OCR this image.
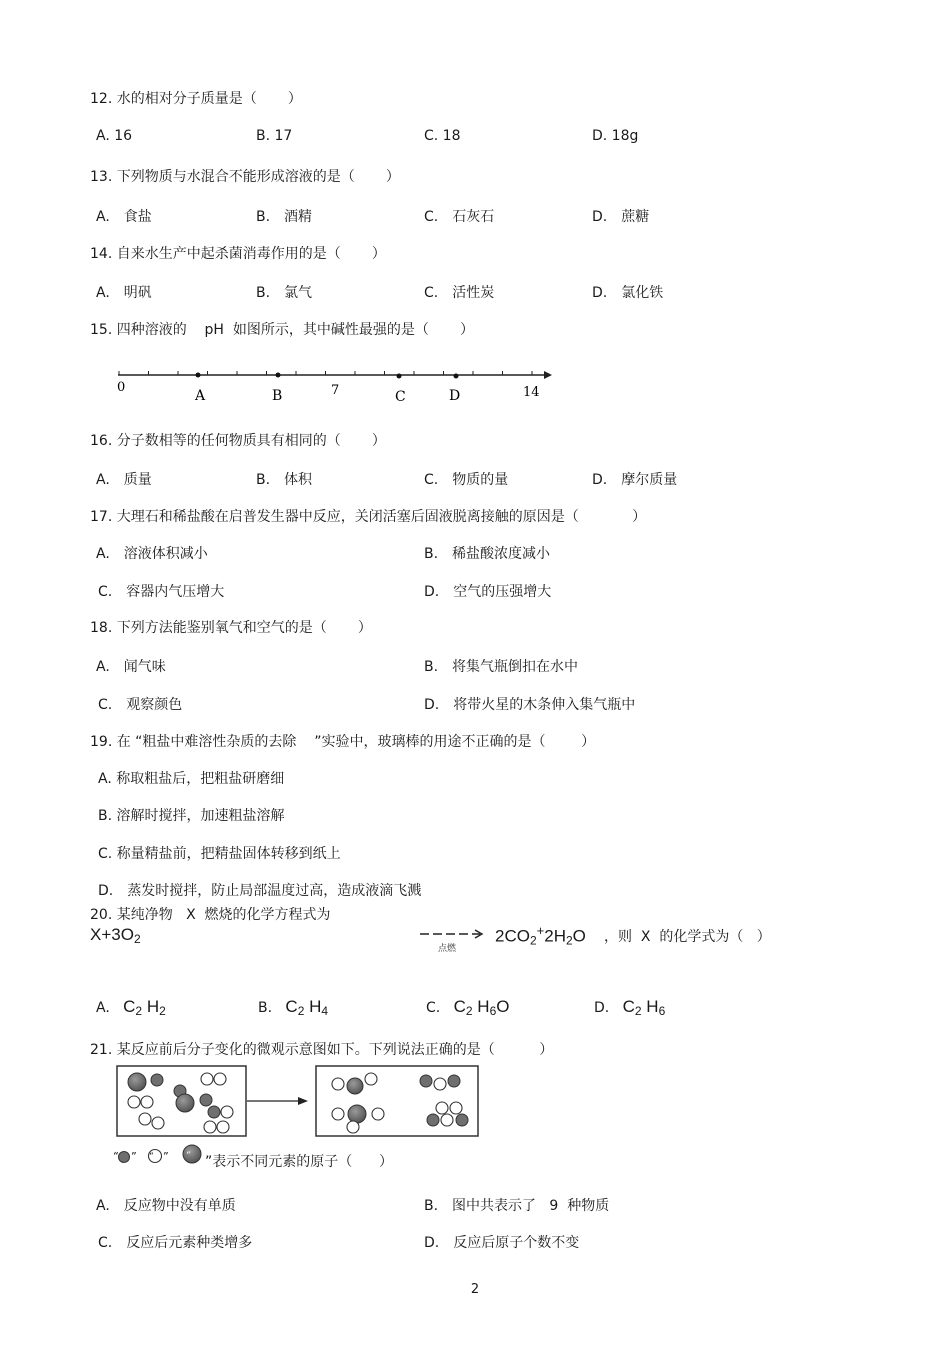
12. 水的相对分子质量是（       ）
A. 16	B. 17	C. 18	D. 18g
13. 下列物质与水混合不能形成溶液的是（       ）
A.　食盐	B.　酒精	C.　石灰石	D.　蔗糖
14. 自来水生产中起杀菌消毒作用的是（       ）
A.　明矾	B.　氯气	C.　活性炭	D.　氯化铁
15. 四种溶液的    pH  如图所示，其中碱性最强的是（       ）
0
A	B	7	C	D	14
16. 分子数相等的任何物质具有相同的（       ）
A.　质量	B.　体积	C.　物质的量	D.　摩尔质量
17. 大理石和稀盐酸在启普发生器中反应，关闭活塞后固液脱离接触的原因是（            ）
A.　溶液体积减小	B.　稀盐酸浓度减小
C.　容器内气压增大	D.　空气的压强增大
18. 下列方法能鉴别氧气和空气的是（       ）
A.　闻气味	B.　将集气瓶倒扣在水中
C.　观察颜色	D.　将带火星的木条伸入集气瓶中
19. 在 “粗盐中难溶性杂质的去除    ”实验中，玻璃棒的用途不正确的是（        ）
A. 称取粗盐后，把粗盐研磨细
B. 溶解时搅拌，加速粗盐溶解
C. 称量精盐前，把精盐固体转移到纸上
D.　蒸发时搅拌，防止局部温度过高，造成液滴飞溅
20. 某纯净物   X  燃烧的化学方程式为
$X+3O_2$
点燃
$2CO_2^+2H_2O$ ，则  X  的化学式为（   ）
A. $C_2$ $H_2$	B. $C_2$ $H_4$	C. $C_2$ $H_6O$	D. $C_2$ $H_6$
21. 某反应前后分子变化的微观示意图如下。下列说法正确的是（          ）
“ ” “ ” “ ”表示不同元素的原子（      ）
A.　反应物中没有单质	B.　图中共表示了   9  种物质
C.　反应后元素种类增多	D.　反应后原子个数不变
2
